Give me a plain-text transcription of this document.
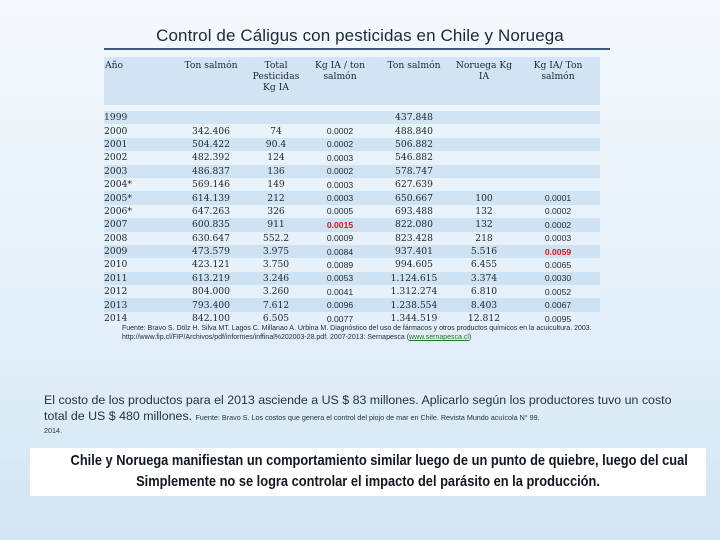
Control de Cáligus con pesticidas en Chile y Noruega
Año	Ton salmón	Total Pesticidas Kg IA	Kg IA / ton salmón	Ton salmón	Noruega Kg IA	Kg IA/ Ton salmón

1999				437.848		
2000	342.406	74	0.0002	488.840		
2001	504.422	90.4	0.0002	506.882		
2002	482.392	124	0.0003	546.882		
2003	486.837	136	0.0002	578.747		
2004*	569.146	149	0.0003	627.639		
2005*	614.139	212	0.0003	650.667	100	0.0001
2006*	647.263	326	0.0005	693.488	132	0.0002
2007	600.835	911	0.0015	822.080	132	0.0002
2008	630.647	552.2	0.0009	823.428	218	0.0003
2009	473.579	3.975	0.0084	937.401	5.516	0.0059
2010	423.121	3.750	0.0089	994.605	6.455	0.0065
2011	613.219	3.246	0.0053	1.124.615	3.374	0.0030
2012	804.000	3.260	0.0041	1.312.274	6.810	0.0052
2013	793.400	7.612	0.0096	1.238.554	8.403	0.0067
2014	842.100	6.505	0.0077	1.344.519	12.812	0.0095
Fuente: Bravo S. Dölz H. Silva MT. Lagos C. Millanao A. Urbina M. Diagnóstico del uso de fármacos y otros productos químicos en la acuicultura. 2003.
http://www.fip.cl/FIP/Archivos/pdf/informes/inffinal%202003-28.pdf. 2007-2013: Sernapesca (www.sernapesca.cl)
El costo de los productos para el 2013 asciende a US $ 83 millones. Aplicarlo según los productores tuvo un costo total de US $ 480 millones. Fuente: Bravo S. Los costos que genera el control del piojo de mar en Chile. Revista Mundo acuícola N° 99.
2014.
Chile y Noruega manifiestan un comportamiento similar luego de un punto de quiebre, luego del cual
Simplemente no se logra controlar el impacto del parásito en la producción.
